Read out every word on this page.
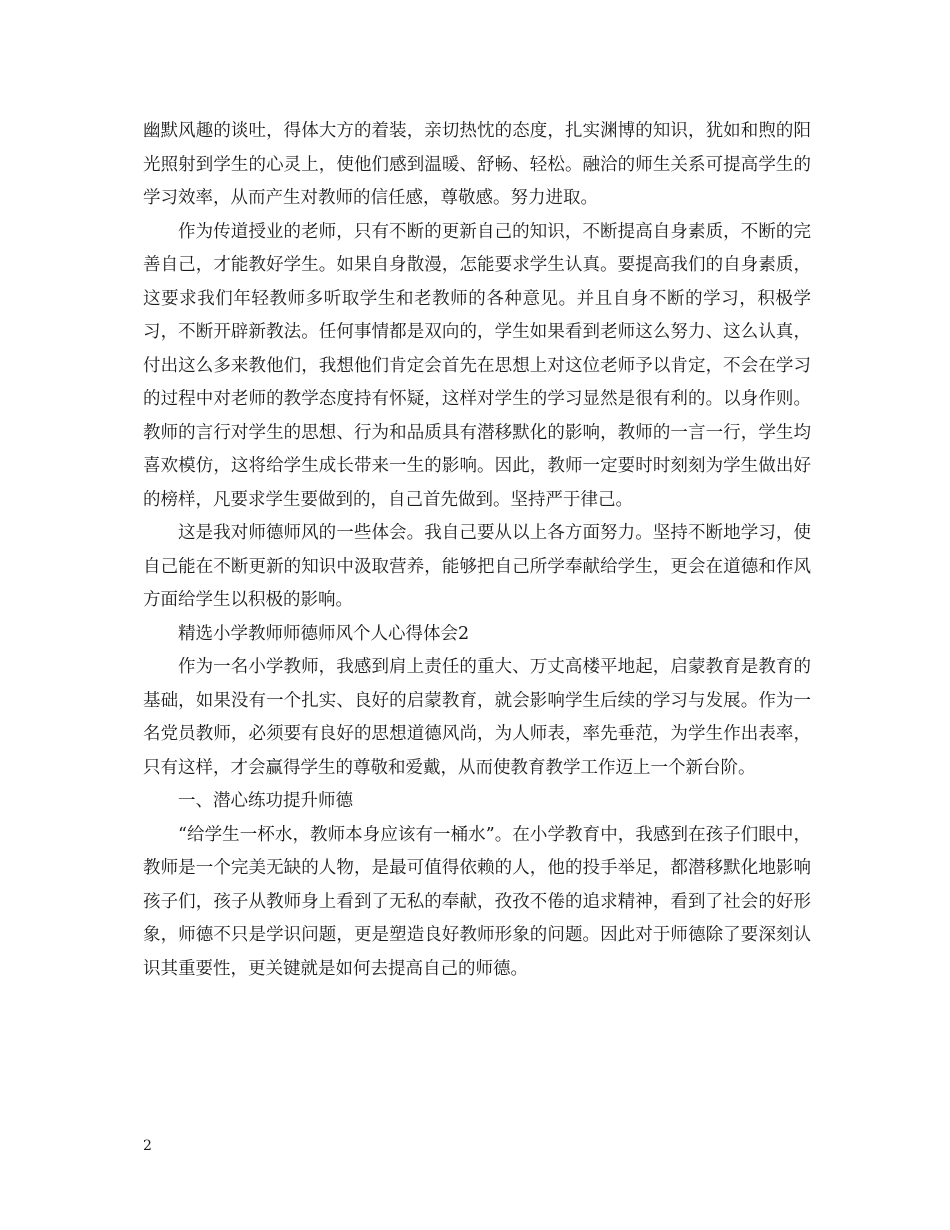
幽默风趣的谈吐，得体大方的着装，亲切热忱的态度，扎实渊博的知识，犹如和煦的阳光照射到学生的心灵上，使他们感到温暖、舒畅、轻松。融洽的师生关系可提高学生的学习效率，从而产生对教师的信任感，尊敬感。努力进取。

作为传道授业的老师，只有不断的更新自己的知识，不断提高自身素质，不断的完善自己，才能教好学生。如果自身散漫，怎能要求学生认真。要提高我们的自身素质，这要求我们年轻教师多听取学生和老教师的各种意见。并且自身不断的学习，积极学习，不断开辟新教法。任何事情都是双向的，学生如果看到老师这么努力、这么认真，付出这么多来教他们，我想他们肯定会首先在思想上对这位老师予以肯定，不会在学习的过程中对老师的教学态度持有怀疑，这样对学生的学习显然是很有利的。以身作则。教师的言行对学生的思想、行为和品质具有潜移默化的影响，教师的一言一行，学生均喜欢模仿，这将给学生成长带来一生的影响。因此，教师一定要时时刻刻为学生做出好的榜样，凡要求学生要做到的，自己首先做到。坚持严于律己。

这是我对师德师风的一些体会。我自己要从以上各方面努力。坚持不断地学习，使自己能在不断更新的知识中汲取营养，能够把自己所学奉献给学生，更会在道德和作风方面给学生以积极的影响。

精选小学教师师德师风个人心得体会2

作为一名小学教师，我感到肩上责任的重大、万丈高楼平地起，启蒙教育是教育的基础，如果没有一个扎实、良好的启蒙教育，就会影响学生后续的学习与发展。作为一名党员教师，必须要有良好的思想道德风尚，为人师表，率先垂范，为学生作出表率，只有这样，才会赢得学生的尊敬和爱戴，从而使教育教学工作迈上一个新台阶。

一、潜心练功提升师德

“给学生一杯水，教师本身应该有一桶水”。在小学教育中，我感到在孩子们眼中，教师是一个完美无缺的人物，是最可值得依赖的人，他的投手举足，都潜移默化地影响孩子们，孩子从教师身上看到了无私的奉献，孜孜不倦的追求精神，看到了社会的好形象，师德不只是学识问题，更是塑造良好教师形象的问题。因此对于师德除了要深刻认识其重要性，更关键就是如何去提高自己的师德。

2
